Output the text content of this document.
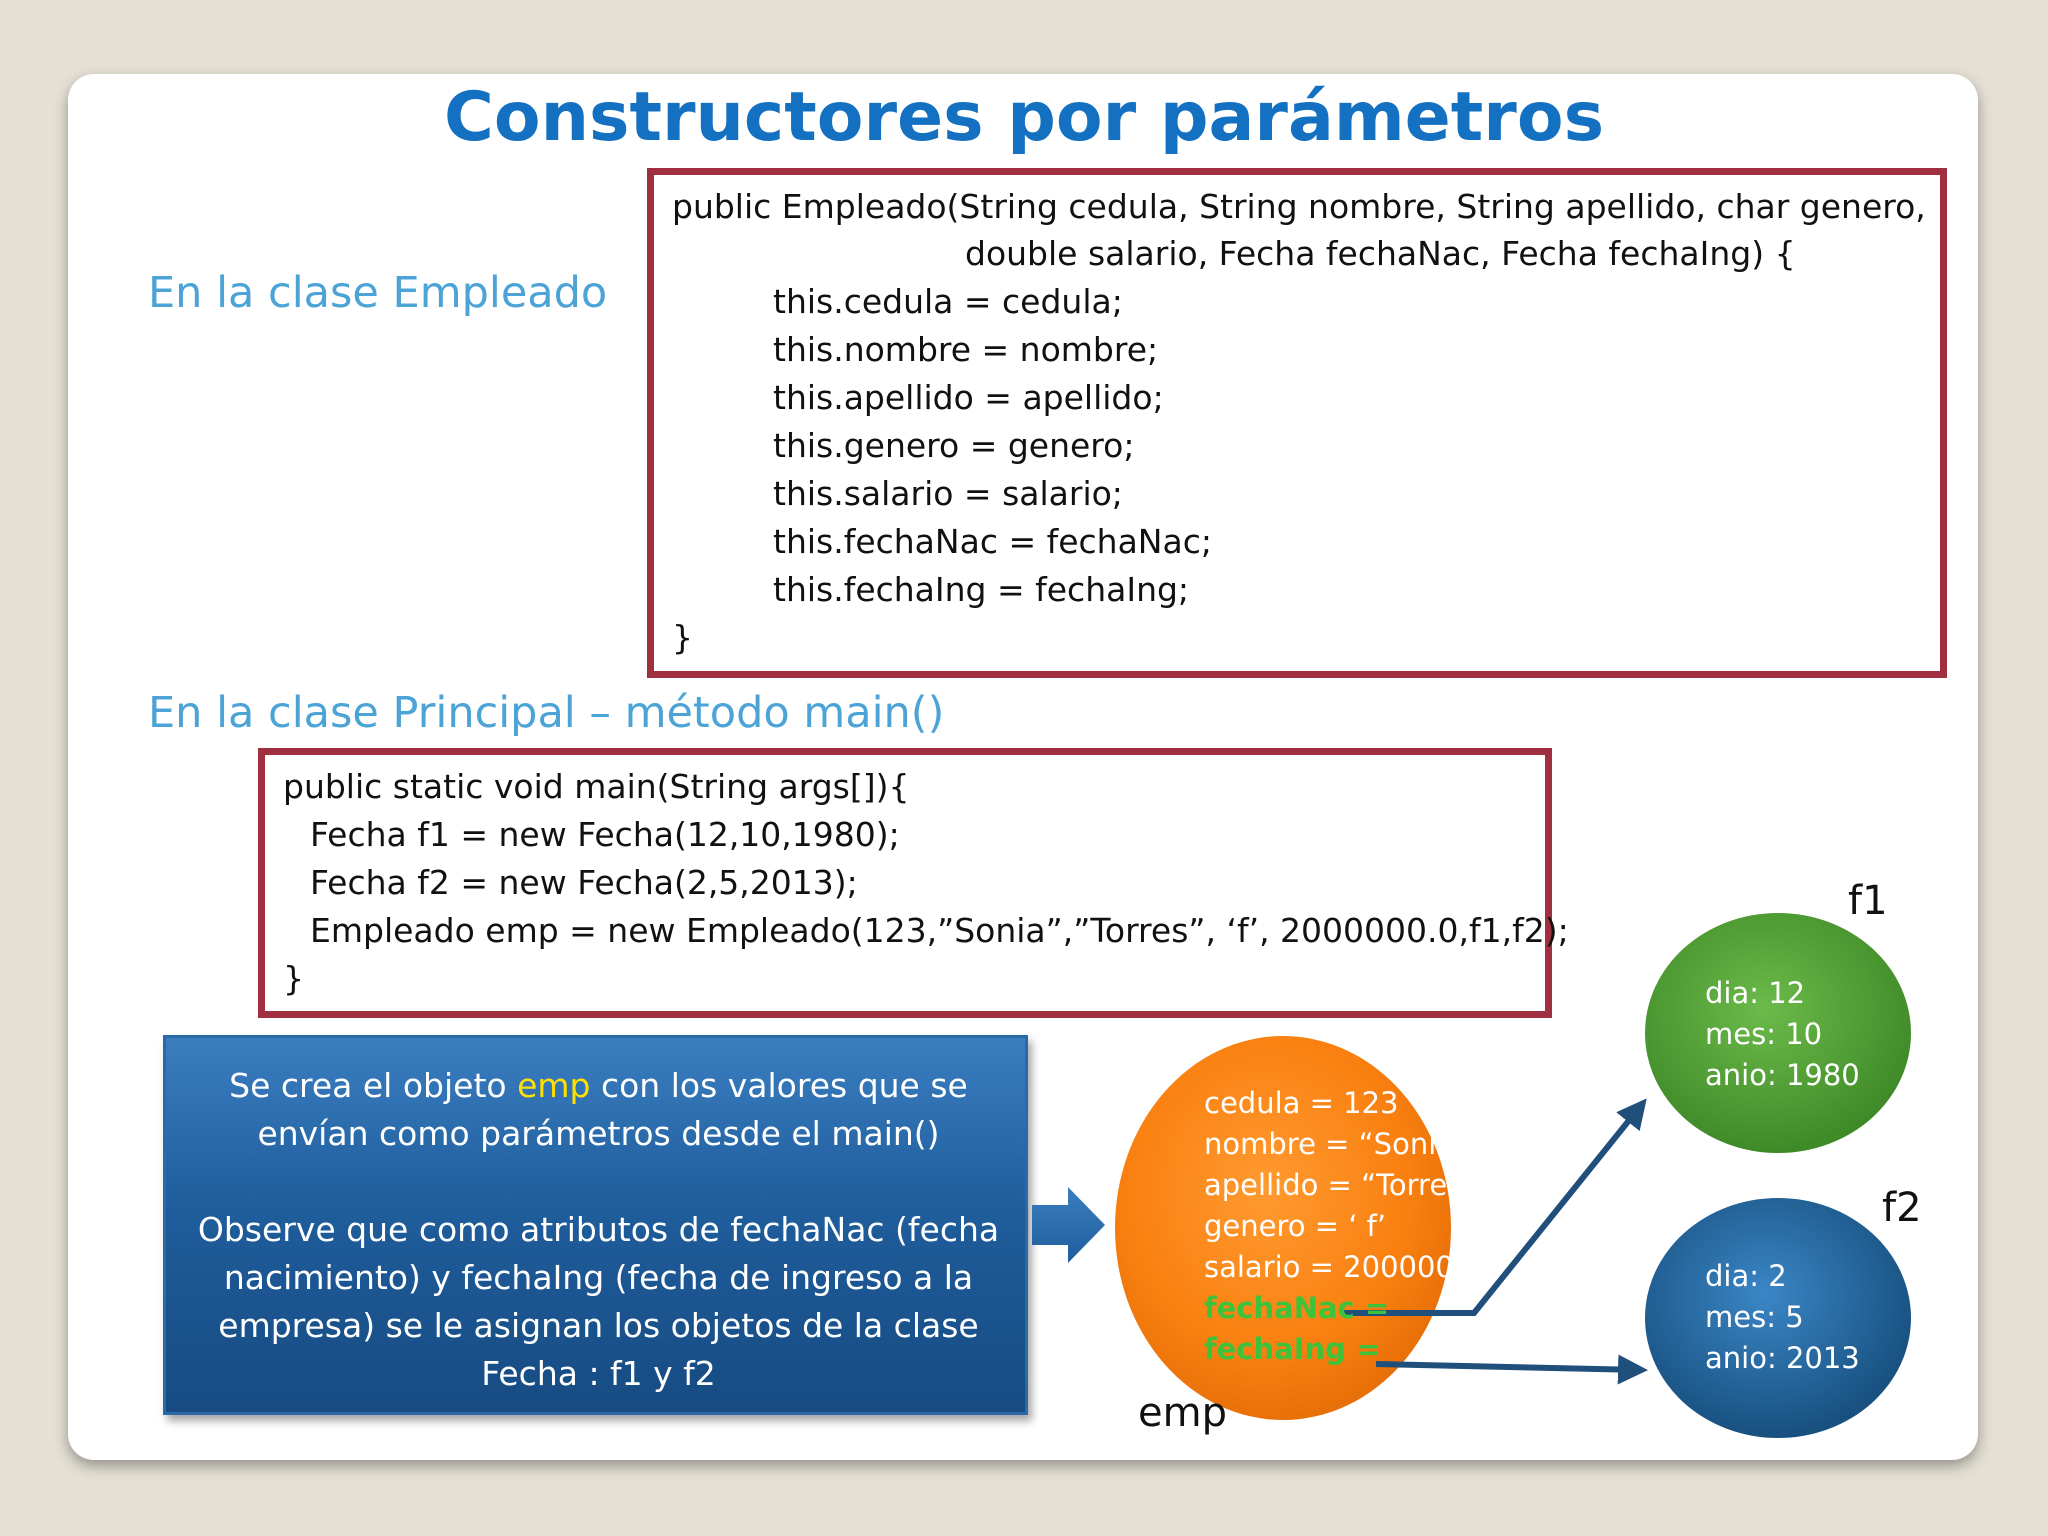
Constructores por parámetros
En la clase Empleado
public Empleado(String cedula, String nombre, String apellido, char genero,
double salario, Fecha fechaNac, Fecha fechaIng) {
this.cedula = cedula;
this.nombre = nombre;
this.apellido = apellido;
this.genero = genero;
this.salario = salario;
this.fechaNac = fechaNac;
this.fechaIng = fechaIng;
}
En la clase Principal – método main()
public static void main(String args[]){
Fecha f1 = new Fecha(12,10,1980);
Fecha f2 = new Fecha(2,5,2013);
Empleado emp = new Empleado(123,”Sonia”,”Torres”, ‘f’, 2000000.0,f1,f2);
}
Se crea el objeto emp con los valores que se
envían como parámetros desde el main()
Observe que como atributos de fechaNac (fecha
nacimiento) y fechaIng (fecha de ingreso a la
empresa) se le asignan los objetos de la clase
Fecha : f1 y f2
cedula = 123
nombre = “Sonia”
apellido = “Torres”
genero = ‘ f’
salario = 2000000.0
fechaNac =
fechaIng =
emp
dia: 12
mes: 10
anio: 1980
f1
dia: 2
mes: 5
anio: 2013
f2
